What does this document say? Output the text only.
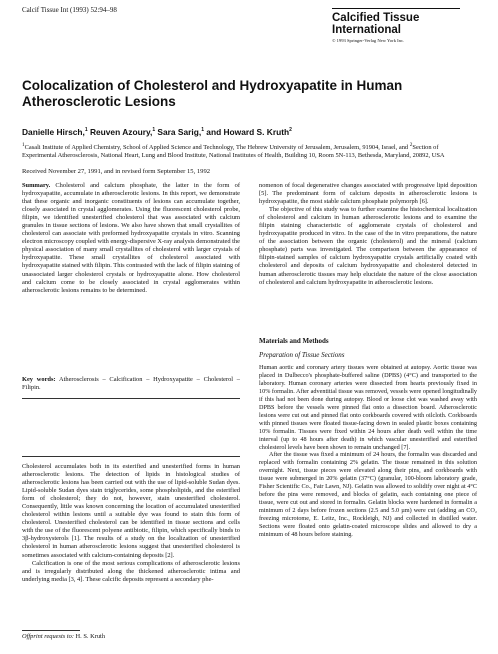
Calcif Tissue Int (1993) 52:94–98
Calcified Tissue International
© 1993 Springer-Verlag New York Inc.
Colocalization of Cholesterol and Hydroxyapatite in Human Atherosclerotic Lesions
Danielle Hirsch,$^1$ Reuven Azoury,$^1$ Sara Sarig,$^1$ and Howard S. Kruth$^2$
$^1$Casali Institute of Applied Chemistry, School of Applied Science and Technology, The Hebrew University of Jerusalem, Jerusalem, 91904, Israel, and $^2$Section of Experimental Atherosclerosis, National Heart, Lung and Blood Institute, National Institutes of Health, Building 10, Room 5N-113, Bethesda, Maryland, 20892, USA
Received November 27, 1991, and in revised form September 15, 1992
Summary. Cholesterol and calcium phosphate, the latter in the form of hydroxyapatite, accumulate in atherosclerotic lesions. In this report, we demonstrate that these organic and inorganic constituents of lesions can accumulate together, closely associated in crystal agglomerates. Using the fluorescent cholesterol probe, filipin, we identified unesterified cholesterol that was associated with calcium granules in tissue sections of lesions. We also have shown that small crystallites of cholesterol can associate with preformed hydroxyapatite crystals in vitro. Scanning electron microscopy coupled with energy-dispersive X-ray analysis demonstrated the physical association of many small crystallites of cholesterol with larger crystals of hydroxyapatite. These small crystallites of cholesterol associated with hydroxyapatite stained with filipin. This contrasted with the lack of filipin staining of unassociated larger cholesterol crystals or hydroxyapatite alone. How cholesterol and calcium come to be closely associated in crystal agglomerates within atherosclerotic lesions remains to be determined.
Key words: Atherosclerosis – Calcification – Hydroxyapatite – Cholesterol – Filipin.

Cholesterol accumulates both in its esterified and unesterified forms in human atherosclerotic lesions. The detection of lipids in histological studies of atherosclerotic lesions has been carried out with the use of lipid-soluble Sudan dyes. Lipid-soluble Sudan dyes stain triglycerides, some phospholipids, and the esterified form of cholesterol; they do not, however, stain unesterified cholesterol. Consequently, little was known concerning the location of accumulated unesterified cholesterol within lesions until a suitable dye was found to stain this form of cholesterol. Unesterified cholesterol can be identified in tissue sections and cells with the use of the fluorescent polyene antibiotic, filipin, which specifically binds to 3β-hydroxysterols [1]. The results of a study on the localization of unesterified cholesterol in human atherosclerotic lesions suggest that unesterified cholesterol is sometimes associated with calcium-containing deposits [2].

Calcification is one of the most serious complications of atherosclerotic lesions and is irregularly distributed along the thickened atherosclerotic intima and underlying media [3, 4]. These calcific deposits represent a secondary phe-

nomenon of focal degenerative changes associated with progressive lipid deposition [5]. The predominant form of calcium deposits in atherosclerotic lesions is hydroxyapatite, the most stable calcium phosphate polymorph [6].

The objective of this study was to further examine the histochemical localization of cholesterol and calcium in human atherosclerotic lesions and to examine the filipin staining characteristic of agglomerate crystals of cholesterol and hydroxyapatite produced in vitro. In the case of the in vitro preparations, the nature of the association between the organic (cholesterol) and the mineral (calcium phosphate) parts was investigated. The comparison between the appearance of filipin-stained samples of calcium hydroxyapatite crystals artificially coated with cholesterol and deposits of calcium hydroxyapatite and cholesterol detected in human atherosclerotic tissues may help elucidate the nature of the close association of cholesterol and calcium hydroxyapatite in atherosclerotic lesions.

Materials and Methods
Preparation of Tissue Sections

Human aortic and coronary artery tissues were obtained at autopsy. Aortic tissue was placed in Dulbecco's phosphate-buffered saline (DPBS) (4°C) and transported to the laboratory. Human coronary arteries were dissected from hearts previously fixed in 10% formalin. After adventitial tissue was removed, vessels were opened longitudinally if this had not been done during autopsy. Blood or loose clot was washed away with DPBS before the vessels were pinned flat onto a dissection board. Atherosclerotic lesions were cut out and pinned flat onto corkboards covered with oilcloth. Corkboards with pinned tissues were floated tissue-facing down in sealed plastic boxes containing 10% formalin. Tissues were fixed within 24 hours after death well within the time interval (up to 48 hours after death) in which vascular unesterified and esterified cholesterol levels have been shown to remain unchanged [7].

After the tissue was fixed a minimum of 24 hours, the formalin was discarded and replaced with formalin containing 2% gelatin. The tissue remained in this solution overnight. Next, tissue pieces were elevated along their pins, and corkboards with tissue were submerged in 20% gelatin (37°C) (granular, 100-bloom laboratory grade, Fisher Scientific Co., Fair Lawn, NJ). Gelatin was allowed to solidify over night at 4°C before the pins were removed, and blocks of gelatin, each containing one piece of tissue, were cut out and stored in formalin. Gelatin blocks were hardened in formalin a minimum of 2 days before frozen sections (2.5 and 5.0 µm) were cut (adding an CO₂ freezing microtome, E. Leitz, Inc., Rockleigh, NJ) and collected in distilled water. Sections were floated onto gelatin-coated microscope slides and allowed to dry a minimum of 48 hours before staining.

Offprint requests to: H. S. Kruth
